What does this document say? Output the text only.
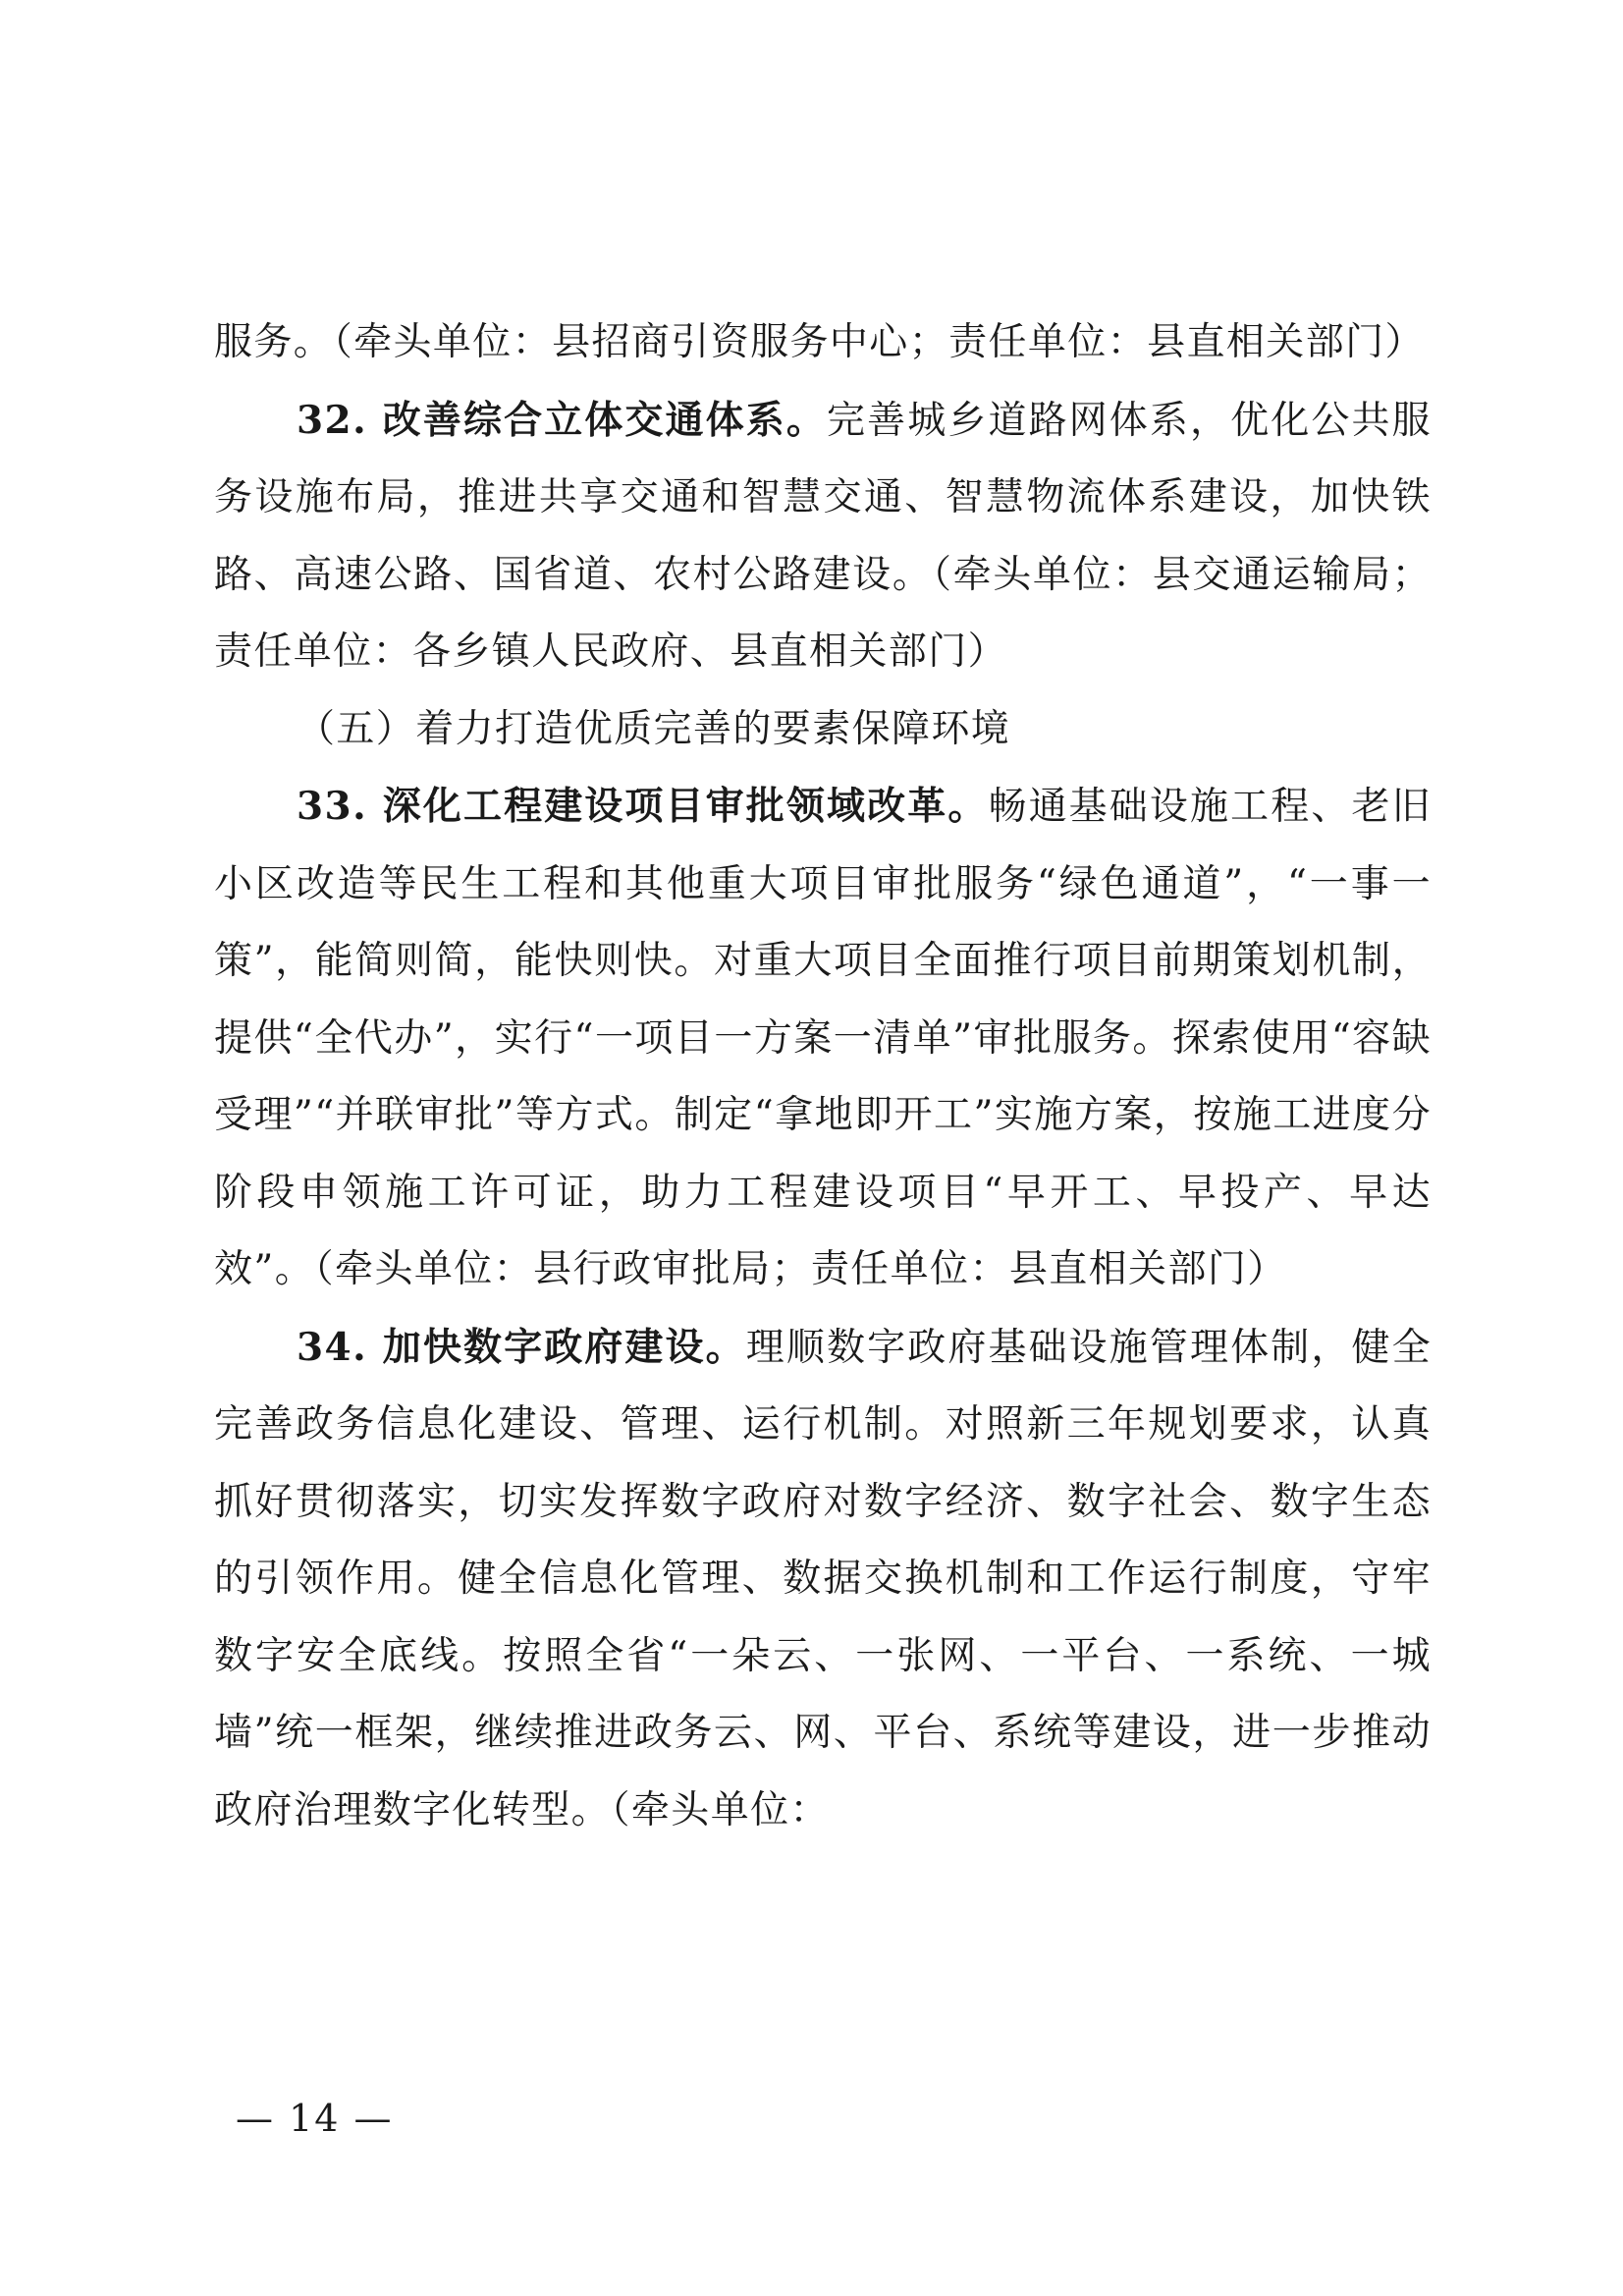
服务。（牵头单位：县招商引资服务中心；责任单位：县直相关部门）

32. 改善综合立体交通体系。完善城乡道路网体系，优化公共服务设施布局，推进共享交通和智慧交通、智慧物流体系建设，加快铁路、高速公路、国省道、农村公路建设。（牵头单位：县交通运输局；责任单位：各乡镇人民政府、县直相关部门）

（五）着力打造优质完善的要素保障环境

33. 深化工程建设项目审批领域改革。畅通基础设施工程、老旧小区改造等民生工程和其他重大项目审批服务“绿色通道”，“一事一策”，能简则简，能快则快。对重大项目全面推行项目前期策划机制，提供“全代办”，实行“一项目一方案一清单”审批服务。探索使用“容缺受理”“并联审批”等方式。制定“拿地即开工”实施方案，按施工进度分阶段申领施工许可证，助力工程建设项目“早开工、早投产、早达效”。（牵头单位：县行政审批局；责任单位：县直相关部门）

34. 加快数字政府建设。理顺数字政府基础设施管理体制，健全完善政务信息化建设、管理、运行机制。对照新三年规划要求，认真抓好贯彻落实，切实发挥数字政府对数字经济、数字社会、数字生态的引领作用。健全信息化管理、数据交换机制和工作运行制度，守牢数字安全底线。按照全省“一朵云、一张网、一平台、一系统、一城墙”统一框架，继续推进政务云、网、平台、系统等建设，进一步推动政府治理数字化转型。（牵头单位：

— 14 —
